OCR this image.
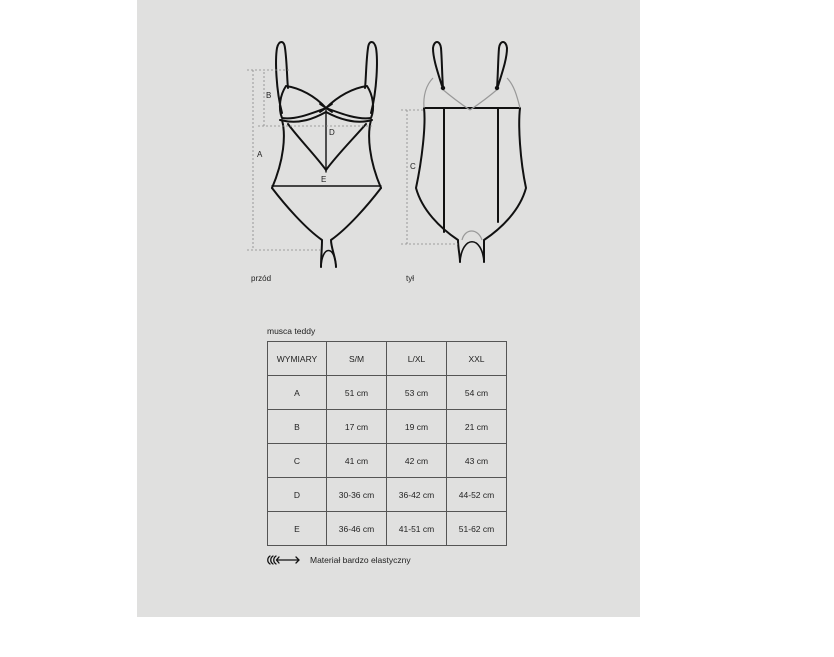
B
A
D
E
C
przód	tył
musca teddy
WYMIARY	S/M	L/XL	XXL
A	51 cm	53 cm	54 cm
B	17 cm	19 cm	21 cm
C	41 cm	42 cm	43 cm
D	30-36 cm	36-42 cm	44-52 cm
E	36-46 cm	41-51 cm	51-62 cm
Materiał bardzo elastyczny
